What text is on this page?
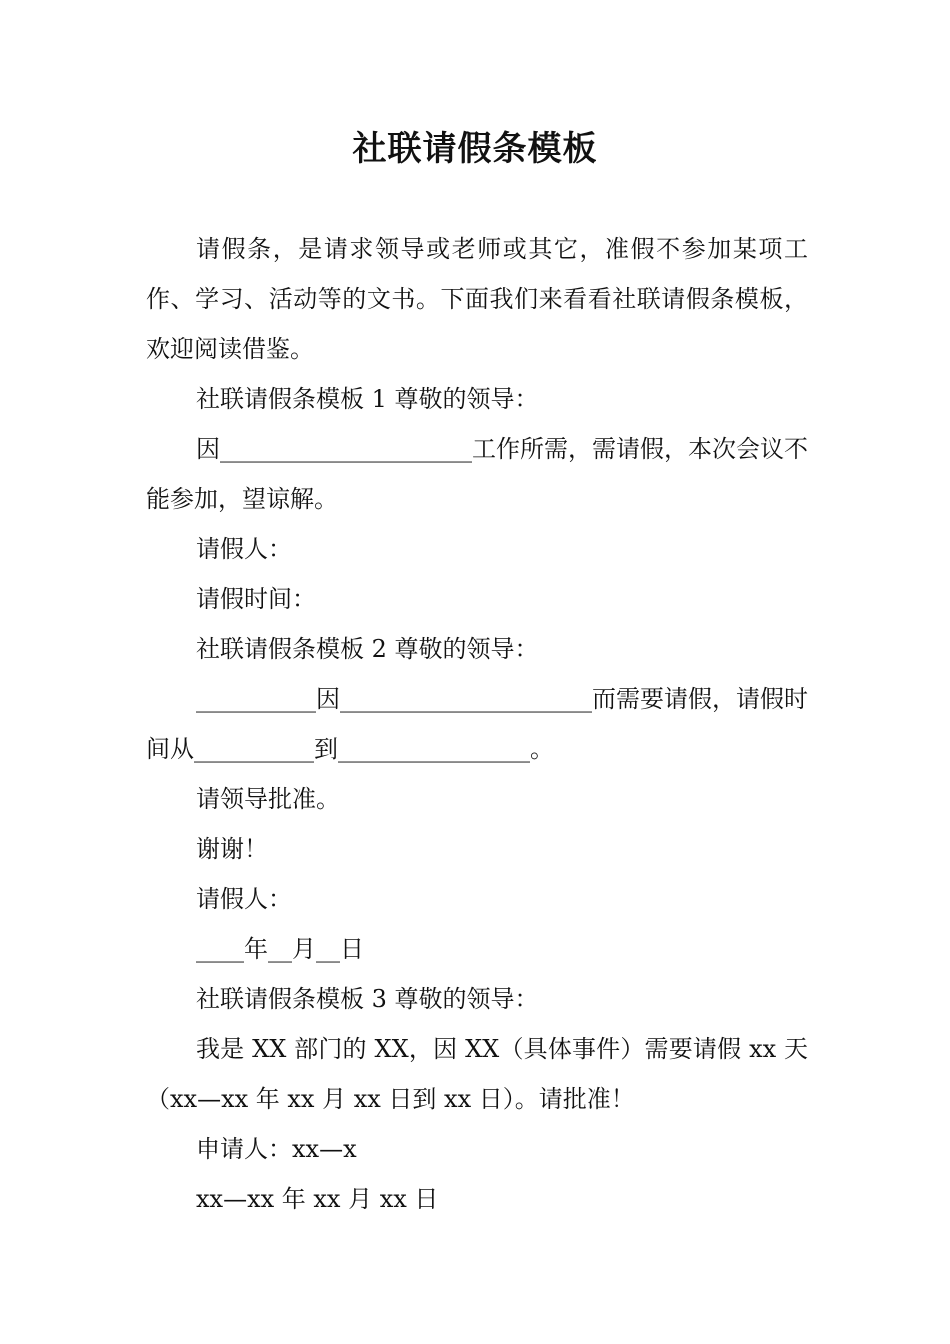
社联请假条模板

请假条，是请求领导或老师或其它，准假不参加某项工作、学习、活动等的文书。下面我们来看看社联请假条模板，欢迎阅读借鉴。

社联请假条模板 1 尊敬的领导：

因_____________________工作所需，需请假，本次会议不能参加，望谅解。

请假人：

请假时间：

社联请假条模板 2 尊敬的领导：

__________因_____________________而需要请假，请假时间从__________到________________。

请领导批准。

谢谢！

请假人：

____年__月__日

社联请假条模板 3 尊敬的领导：

我是 XX 部门的 XX，因 XX（具体事件）需要请假 xx 天（xx—xx 年 xx 月 xx 日到 xx 日）。请批准！

申请人：xx—x

xx—xx 年 xx 月 xx 日
